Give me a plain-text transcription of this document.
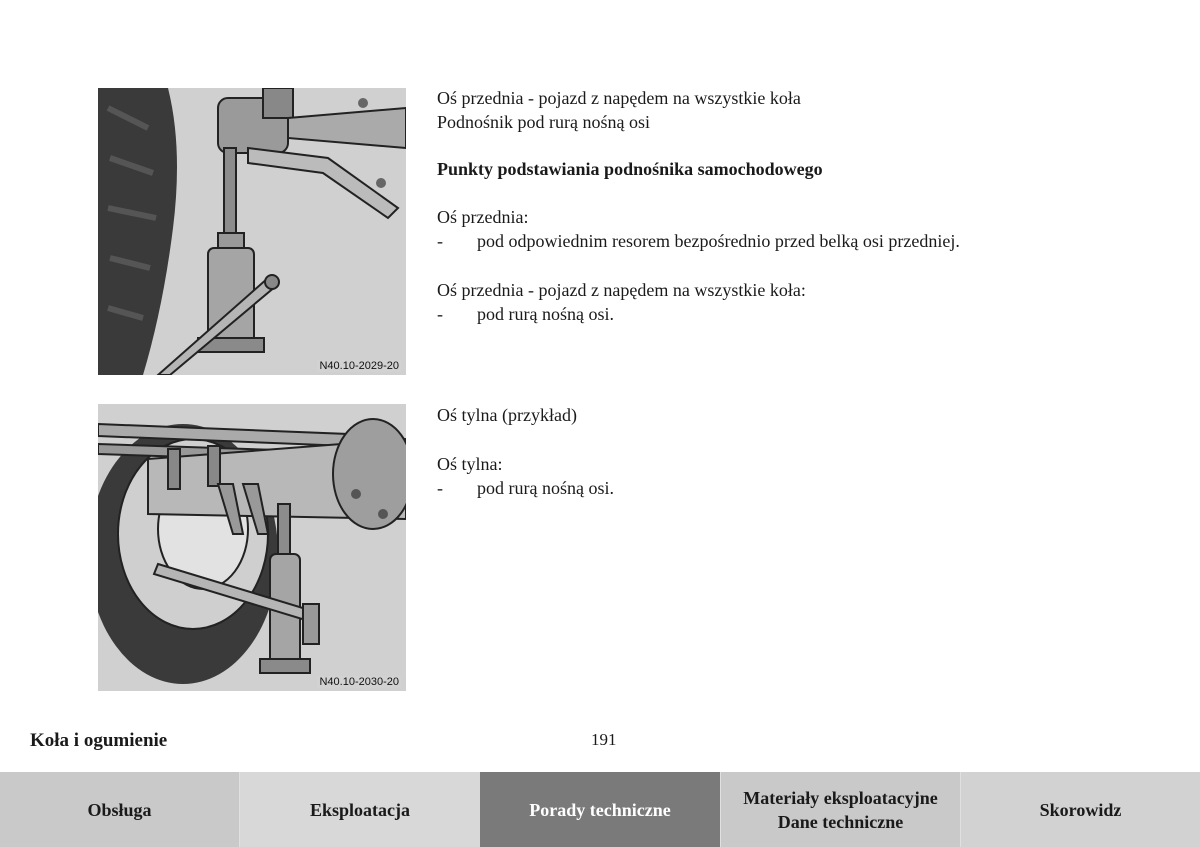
N40.10-2029-20
N40.10-2030-20

Oś przednia - pojazd z napędem na wszystkie koła

Podnośnik pod rurą nośną osi

Punkty podstawiania podnośnika samochodowego

Oś przednia:

-	pod odpowiednim resorem bezpośrednio przed belką osi przedniej.

Oś przednia - pojazd z napędem na wszystkie koła:

-	pod rurą nośną osi.

Oś tylna (przykład)

Oś tylna:

-	pod rurą nośną osi.
Koła i ogumienie	191
Obsługa	Eksploatacja	Porady techniczne
Materiały eksploatacyjne
Dane techniczne
Skorowidz
